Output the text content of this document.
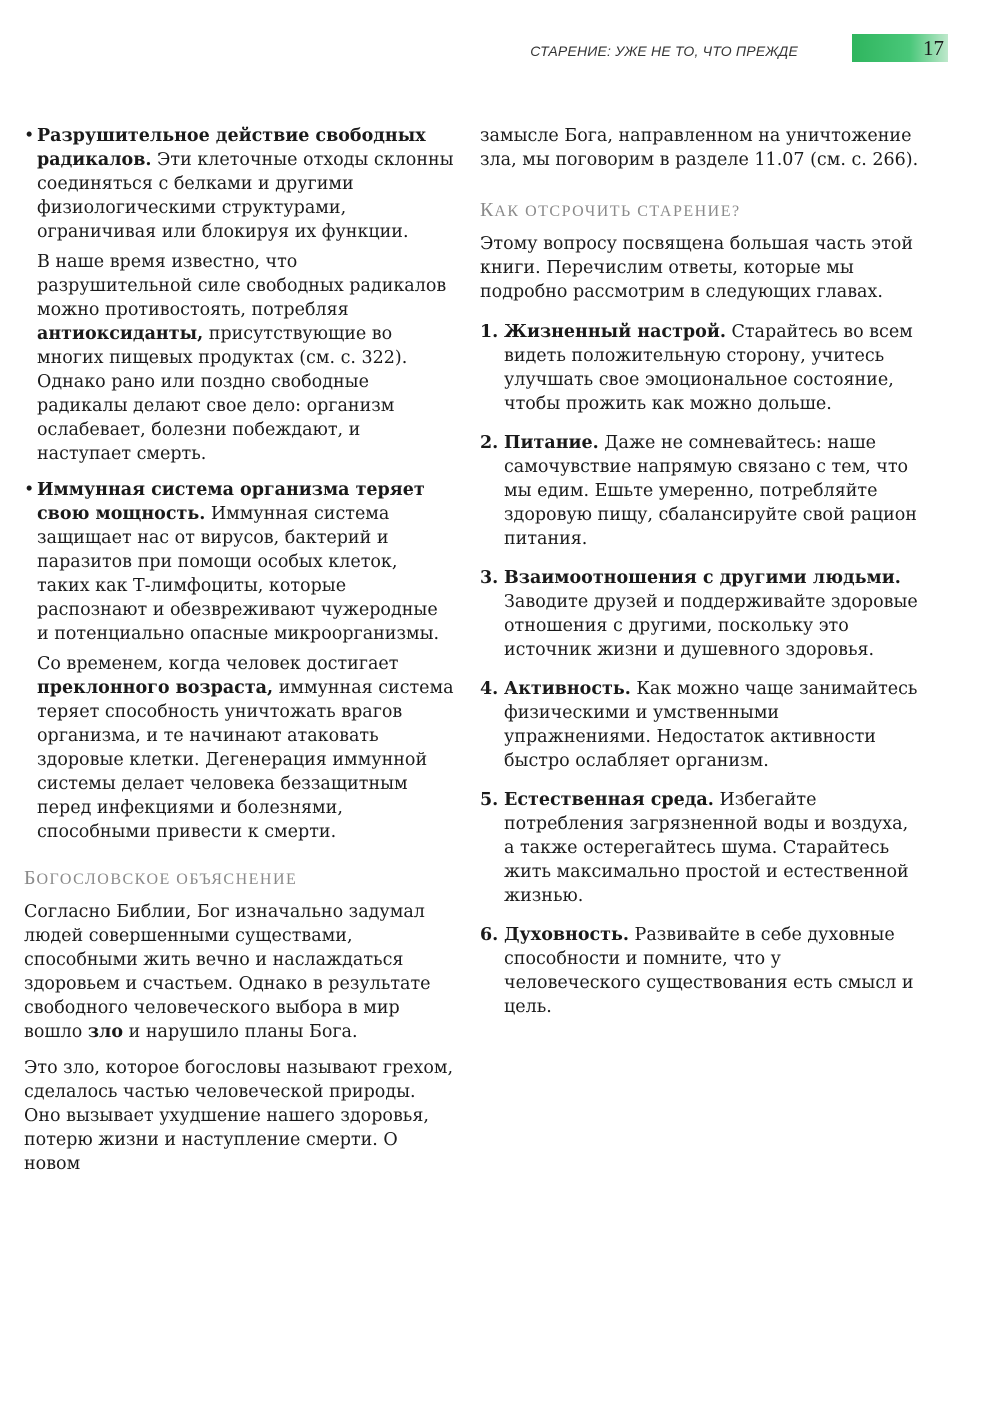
СТАРЕНИЕ: УЖЕ НЕ ТО, ЧТО ПРЕЖДЕ	17

• Разрушительное действие свободных радикалов. Эти клеточные отходы склонны соединяться с белками и другими физиологическими структурами, ограничивая или блокируя их функции.

В наше время известно, что разрушительной силе свободных радикалов можно противостоять, потребляя антиоксиданты, присутствующие во многих пищевых продуктах (см. с. 322). Однако рано или поздно свободные радикалы делают свое дело: организм ослабевает, болезни побеждают, и наступает смерть.

• Иммунная система организма теряет свою мощность. Иммунная система защищает нас от вирусов, бактерий и паразитов при помощи особых клеток, таких как Т-лимфоциты, которые распознают и обезвреживают чужеродные и потенциально опасные микроорганизмы.

Со временем, когда человек достигает преклонного возраста, иммунная система теряет способность уничтожать врагов организма, и те начинают атаковать здоровые клетки. Дегенерация иммунной системы делает человека беззащитным перед инфекциями и болезнями, способными привести к смерти.

БОГОСЛОВСКОЕ ОБЪЯСНЕНИЕ

Согласно Библии, Бог изначально задумал людей совершенными существами, способными жить вечно и наслаждаться здоровьем и счастьем. Однако в результате свободного человеческого выбора в мир вошло зло и нарушило планы Бога.

Это зло, которое богословы называют грехом, сделалось частью человеческой природы. Оно вызывает ухудшение нашего здоровья, потерю жизни и наступление смерти. О новом

замысле Бога, направленном на уничтожение зла, мы поговорим в разделе 11.07 (см. с. 266).

КАК ОТСРОЧИТЬ СТАРЕНИЕ?

Этому вопросу посвящена большая часть этой книги. Перечислим ответы, которые мы подробно рассмотрим в следующих главах.

1. Жизненный настрой. Старайтесь во всем видеть положительную сторону, учитесь улучшать свое эмоциональное состояние, чтобы прожить как можно дольше.
2. Питание. Даже не сомневайтесь: наше самочувствие напрямую связано с тем, что мы едим. Ешьте умеренно, потребляйте здоровую пищу, сбалансируйте свой рацион питания.
3. Взаимоотношения с другими людьми. Заводите друзей и поддерживайте здоровые отношения с другими, поскольку это источник жизни и душевного здоровья.
4. Активность. Как можно чаще занимайтесь физическими и умственными упражнениями. Недостаток активности быстро ослабляет организм.
5. Естественная среда. Избегайте потребления загрязненной воды и воздуха, а также остерегайтесь шума. Старайтесь жить максимально простой и естественной жизнью.
6. Духовность. Развивайте в себе духовные способности и помните, что у человеческого существования есть смысл и цель.
